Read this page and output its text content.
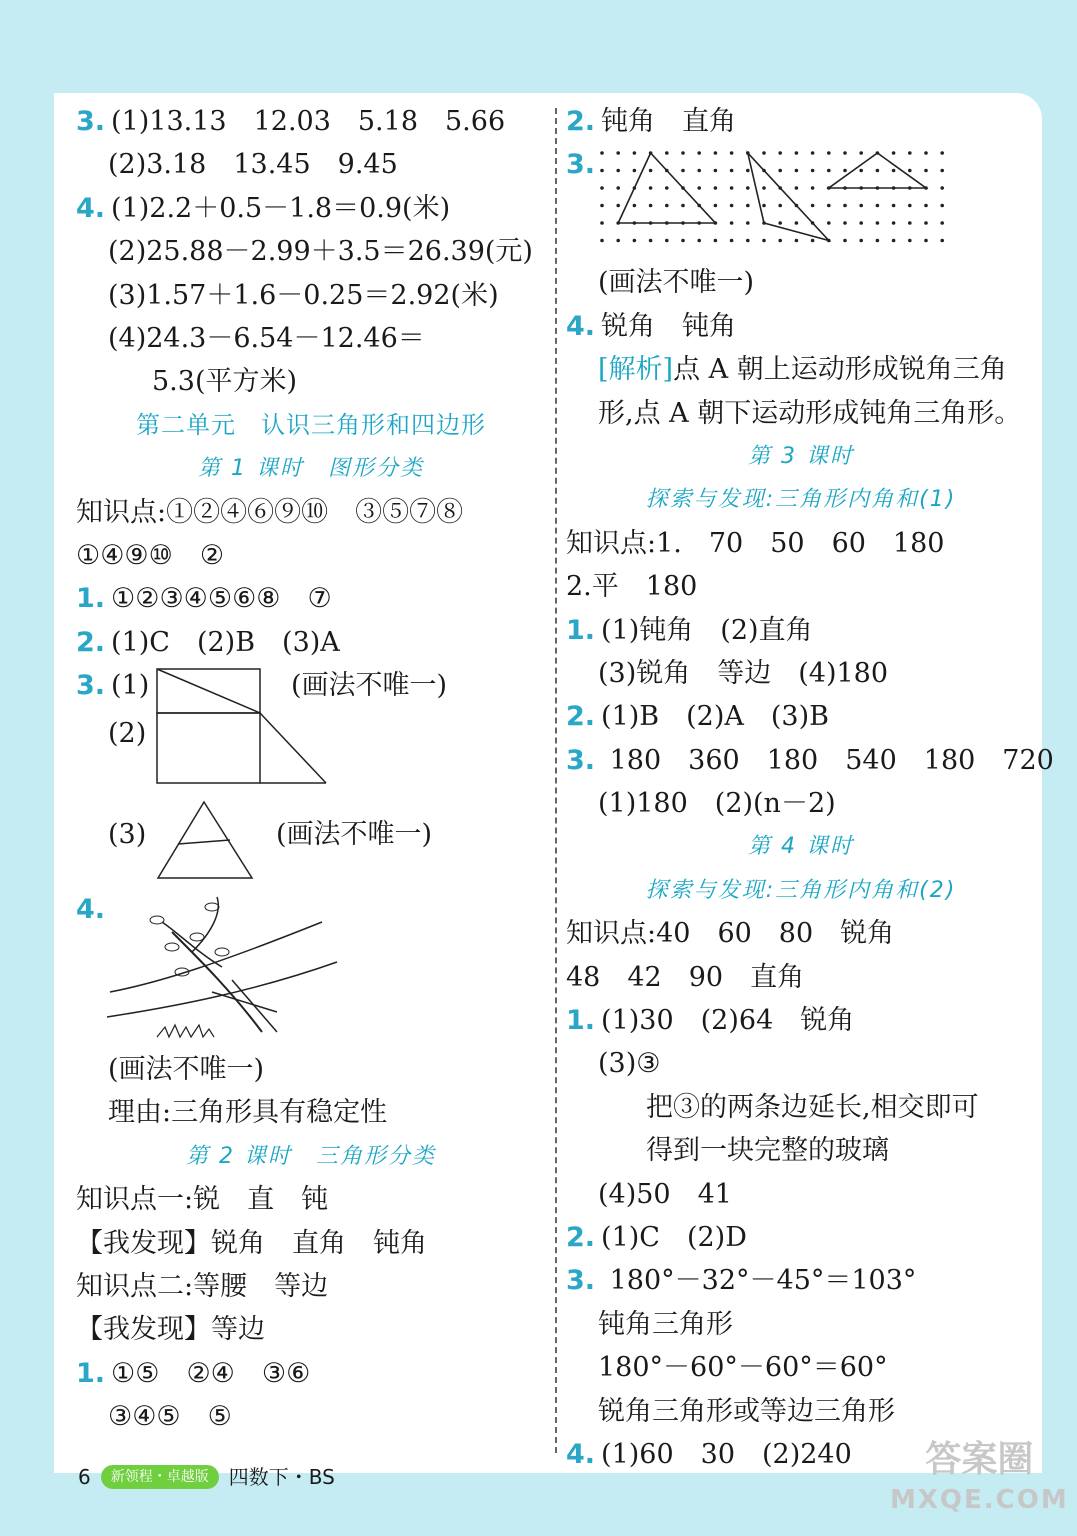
3. (1)13.13　12.03　5.18　5.66
(2)3.18　13.45　9.45
4. (1)2.2＋0.5－1.8＝0.9(米)
(2)25.88－2.99＋3.5＝26.39(元)
(3)1.57＋1.6－0.25＝2.92(米)
(4)24.3－6.54－12.46＝
5.3(平方米)
第二单元　认识三角形和四边形
第 1 课时　图形分类
知识点:①②④⑥⑨⑩　③⑤⑦⑧
①④⑨⑩　②
1. ①②③④⑤⑥⑧　⑦
2. (1)C　(2)B　(3)A
3. (1)	(画法不唯一)
(2)
(3)	(画法不唯一)
4.
(画法不唯一)
理由:三角形具有稳定性
第 2 课时　三角形分类
知识点一:锐　直　钝
【我发现】锐角　直角　钝角
知识点二:等腰　等边
【我发现】等边
1. ①⑤　②④　③⑥
③④⑤　⑤
2. 钝角　直角
3.
(画法不唯一)
4. 锐角　钝角
[解析]点 A 朝上运动形成锐角三角
形,点 A 朝下运动形成钝角三角形。
第 3 课时
探索与发现:三角形内角和(1)
知识点:1.　70　50　60　180
2.平　180
1. (1)钝角　(2)直角
(3)锐角　等边　(4)180
2. (1)B　(2)A　(3)B
3. 180　360　180　540　180　720
(1)180　(2)(n－2)
第 4 课时
探索与发现:三角形内角和(2)
知识点:40　60　80　锐角
48　42　90　直角
1. (1)30　(2)64　锐角
(3)③
把③的两条边延长,相交即可
得到一块完整的玻璃
(4)50　41
2. (1)C　(2)D
3. 180°－32°－45°＝103°
钝角三角形
180°－60°－60°＝60°
锐角三角形或等边三角形
4. (1)60　30　(2)240
6	新领程・卓越版	四数下・BS	答案圈
MXQE.COM
